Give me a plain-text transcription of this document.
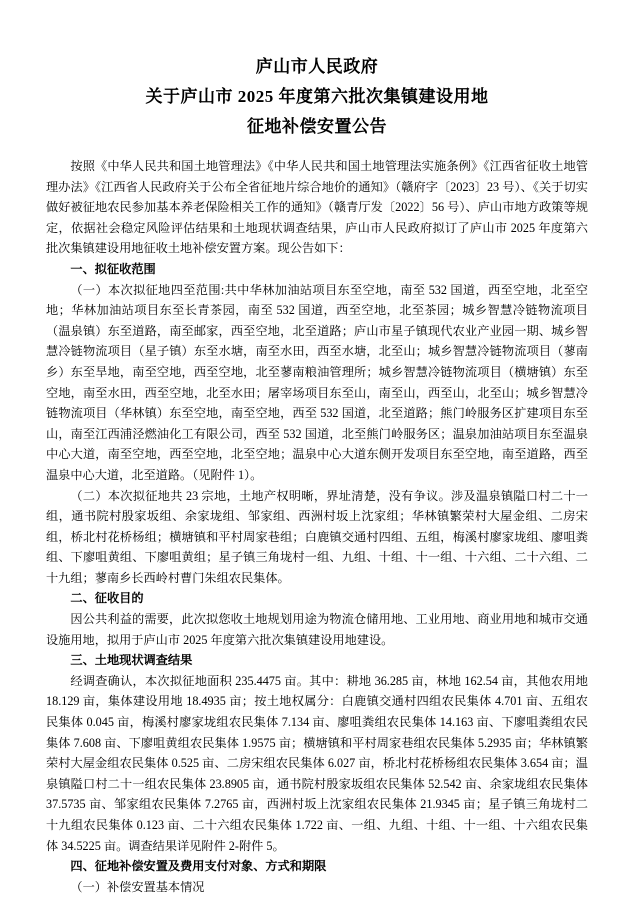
庐山市人民政府
关于庐山市 2025 年度第六批次集镇建设用地
征地补偿安置公告

按照《中华人民共和国土地管理法》《中华人民共和国土地管理法实施条例》《江西省征收土地管理办法》《江西省人民政府关于公布全省征地片综合地价的通知》（赣府字〔2023〕23 号）、《关于切实做好被征地农民参加基本养老保险相关工作的通知》（赣青厅发〔2022〕56 号）、庐山市地方政策等规定，依据社会稳定风险评估结果和土地现状调查结果，庐山市人民政府拟订了庐山市 2025 年度第六批次集镇建设用地征收土地补偿安置方案。现公告如下：

一、拟征收范围

（一）本次拟征地四至范围:共中华林加油站项目东至空地，南至 532 国道，西至空地，北至空地；华林加油站项目东至长青茶园，南至 532 国道，西至空地，北至茶园；城乡智慧冷链物流项目（温泉镇）东至道路，南至邮家，西至空地，北至道路；庐山市星子镇现代农业产业园一期、城乡智慧冷链物流项目（星子镇）东至水塘，南至水田，西至水塘，北至山；城乡智慧冷链物流项目（蓼南乡）东至旱地，南至空地，西至空地，北至蓼南粮油管理所；城乡智慧冷链物流项目（横塘镇）东至空地，南至水田，西至空地，北至水田；屠宰场项目东至山，南至山，西至山，北至山；城乡智慧冷链物流项目（华林镇）东至空地，南至空地，西至 532 国道，北至道路；熊门岭服务区扩建项目东至山，南至江西浦泾燃油化工有限公司，西至 532 国道，北至熊门岭服务区；温泉加油站项目东至温泉中心大道，南至空地，西至空地，北至空地；温泉中心大道东侧开发项目东至空地，南至道路，西至温泉中心大道，北至道路。（见附件 1）。

（二）本次拟征地共 23 宗地，土地产权明晰，界址清楚，没有争议。涉及温泉镇隘口村二十一组，通书院村殷家坂组、余家垅组、邹家组、西洲村坂上沈家组；华林镇繁荣村大屋金组、二房宋组，桥北村花桥杨组；横塘镇和平村周家巷组；白鹿镇交通村四组、五组，梅溪村廖家垅组、廖咀粪组、下廖咀黄组、下廖咀黄组；星子镇三角垅村一组、九组、十组、十一组、十六组、二十六组、二十九组；蓼南乡长西岭村曹门朱组农民集体。

二、征收目的

因公共利益的需要，此次拟您收土地规划用途为物流仓储用地、工业用地、商业用地和城市交通设施用地，拟用于庐山市 2025 年度第六批次集镇建设用地建设。

三、土地现状调查结果

经调查确认，本次拟征地面积 235.4475 亩。其中：耕地 36.285 亩，林地 162.54 亩，其他农用地 18.129 亩，集体建设用地 18.4935 亩；按土地权属分：白鹿镇交通村四组农民集体 4.701 亩、五组农民集体 0.045 亩，梅溪村廖家垅组农民集体 7.134 亩、廖咀粪组农民集体 14.163 亩、下廖咀粪组农民集体 7.608 亩、下廖咀黄组农民集体 1.9575 亩；横塘镇和平村周家巷组农民集体 5.2935 亩；华林镇繁荣村大屋金组农民集体 0.525 亩、二房宋组农民集体 6.027 亩，桥北村花桥杨组农民集体 3.654 亩；温泉镇隘口村二十一组农民集体 23.8905 亩，通书院村殷家坂组农民集体 52.542 亩、余家垅组农民集体 37.5735 亩、邹家组农民集体 7.2765 亩，西洲村坂上沈家组农民集体 21.9345 亩；星子镇三角垅村二十九组农民集体 0.123 亩、二十六组农民集体 1.722 亩、一组、九组、十组、十一组、十六组农民集体 34.5225 亩。调查结果详见附件 2-附件 5。

四、征地补偿安置及费用支付对象、方式和期限

（一）补偿安置基本情况
